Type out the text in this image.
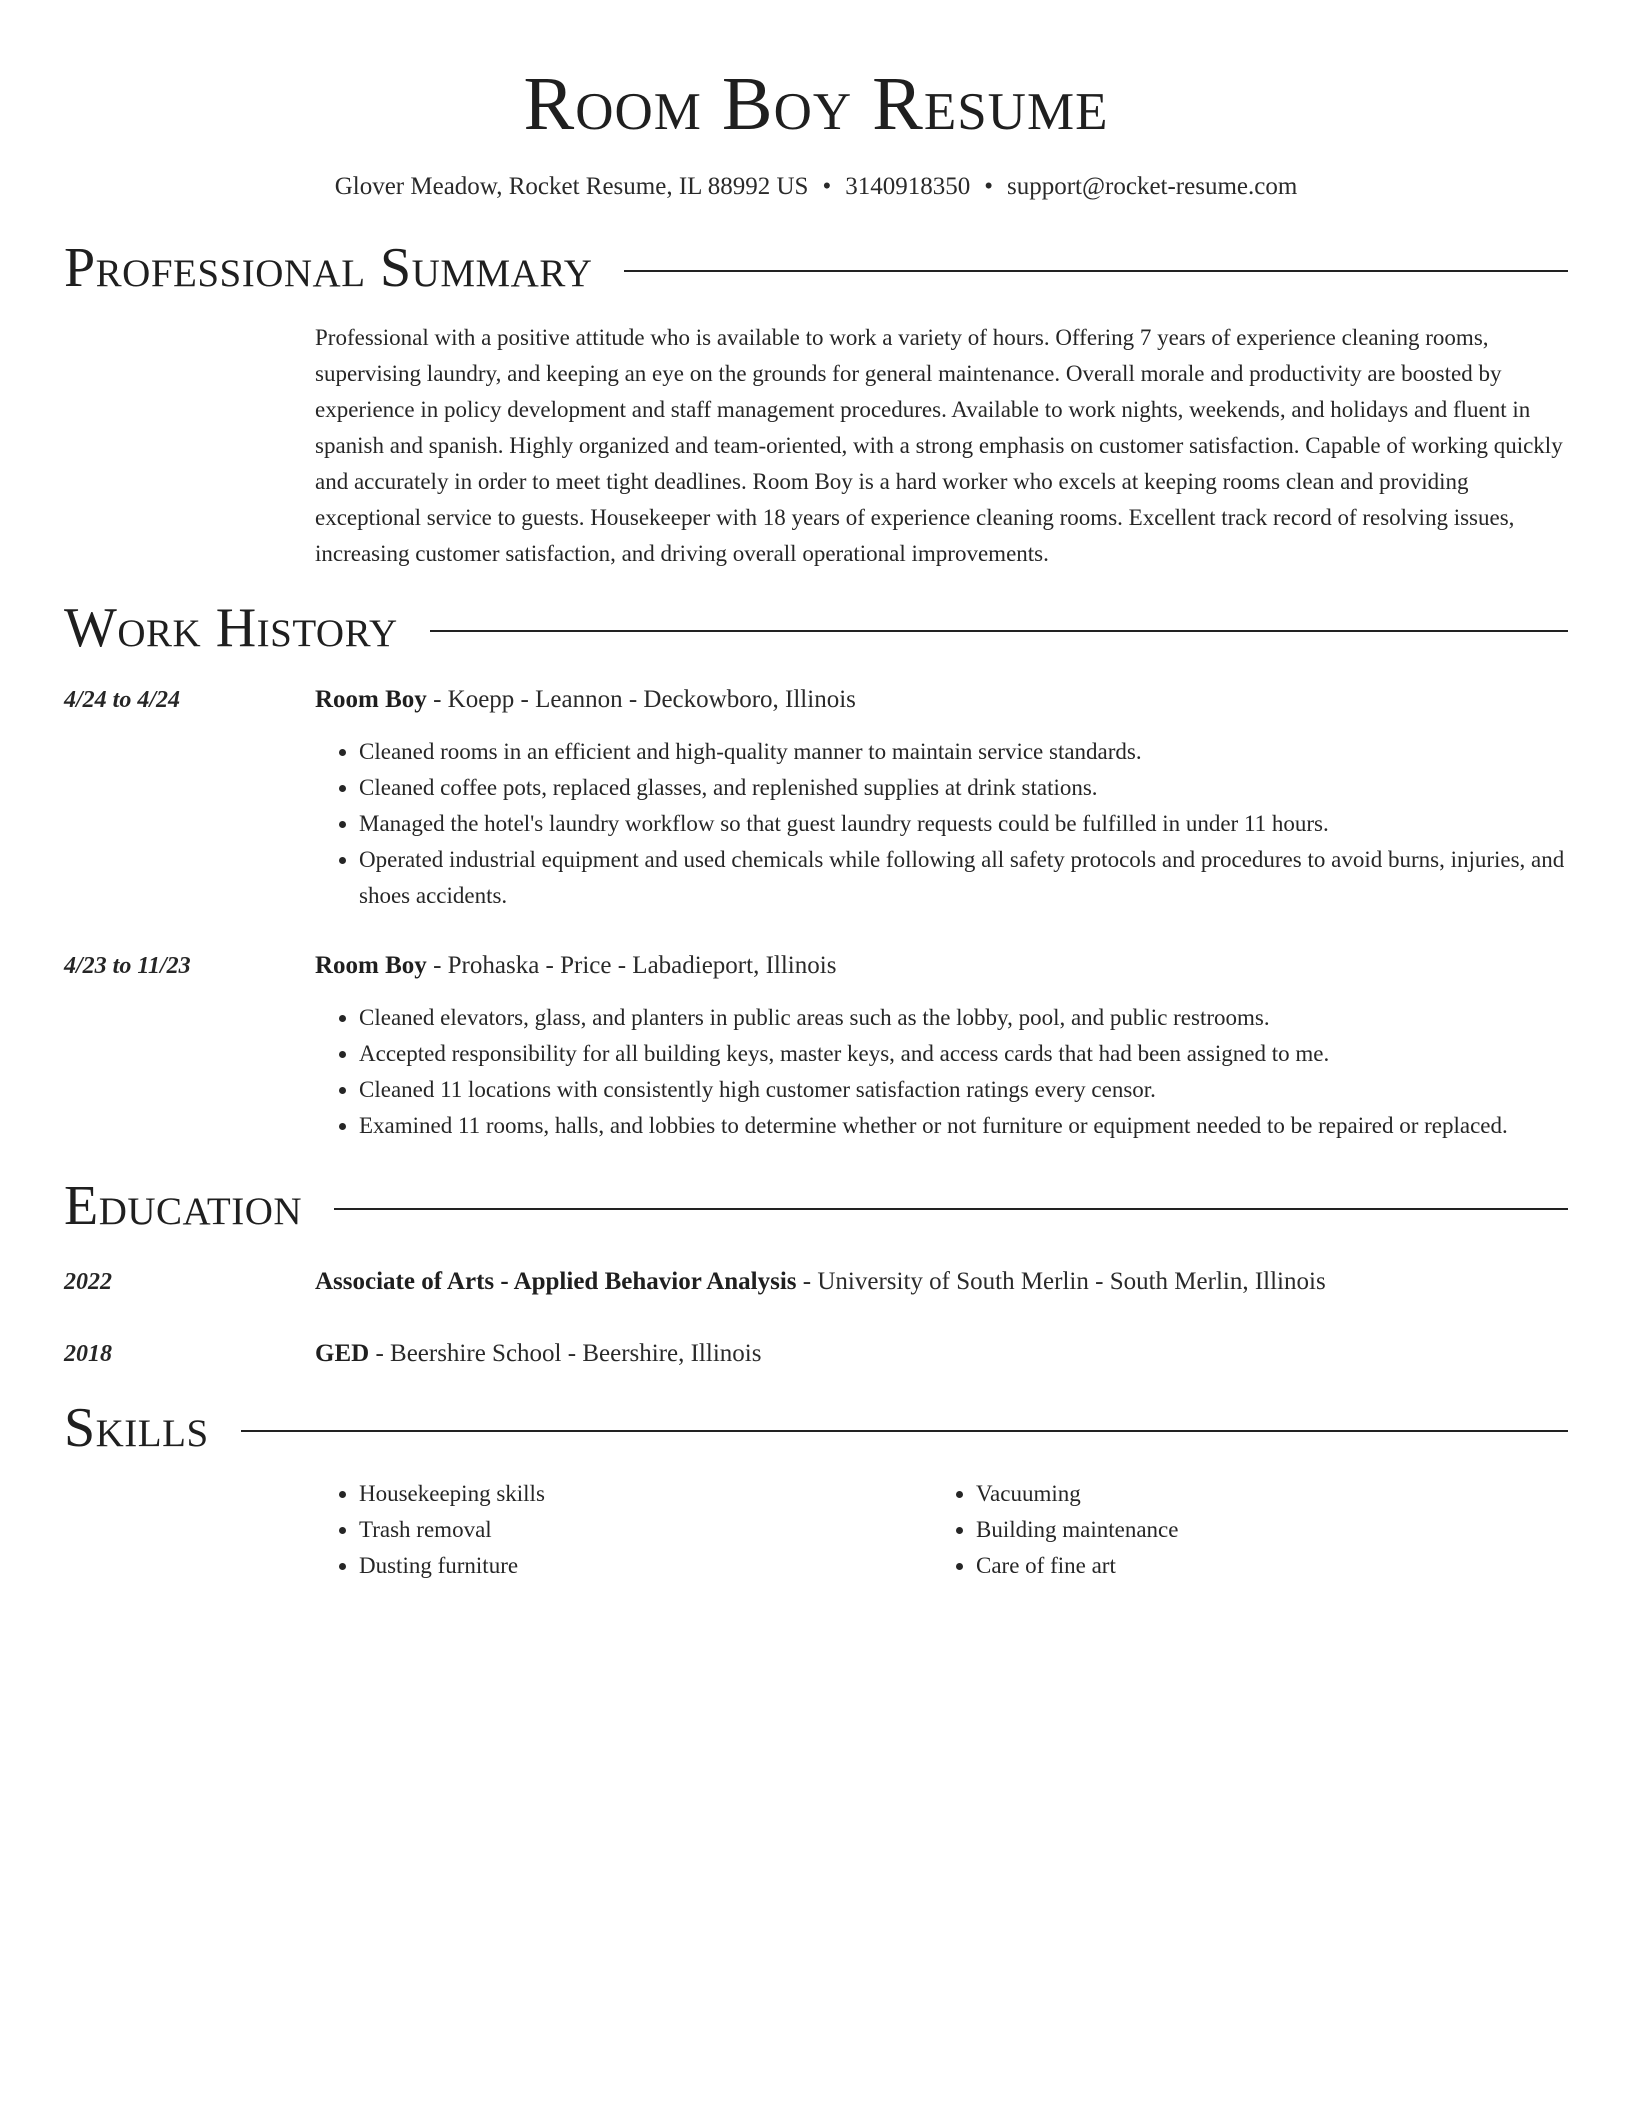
Room Boy Resume
Glover Meadow, Rocket Resume, IL 88992 US • 3140918350 • support@rocket-resume.com
Professional Summary
Professional with a positive attitude who is available to work a variety of hours. Offering 7 years of experience cleaning rooms, supervising laundry, and keeping an eye on the grounds for general maintenance. Overall morale and productivity are boosted by experience in policy development and staff management procedures. Available to work nights, weekends, and holidays and fluent in spanish and spanish. Highly organized and team-oriented, with a strong emphasis on customer satisfaction. Capable of working quickly and accurately in order to meet tight deadlines. Room Boy is a hard worker who excels at keeping rooms clean and providing exceptional service to guests. Housekeeper with 18 years of experience cleaning rooms. Excellent track record of resolving issues, increasing customer satisfaction, and driving overall operational improvements.
Work History
4/24 to 4/24	Room Boy - Koepp - Leannon - Deckowboro, Illinois
• Cleaned rooms in an efficient and high-quality manner to maintain service standards.
• Cleaned coffee pots, replaced glasses, and replenished supplies at drink stations.
• Managed the hotel's laundry workflow so that guest laundry requests could be fulfilled in under 11 hours.
• Operated industrial equipment and used chemicals while following all safety protocols and procedures to avoid burns, injuries, and shoes accidents.
4/23 to 11/23	Room Boy - Prohaska - Price - Labadieport, Illinois
• Cleaned elevators, glass, and planters in public areas such as the lobby, pool, and public restrooms.
• Accepted responsibility for all building keys, master keys, and access cards that had been assigned to me.
• Cleaned 11 locations with consistently high customer satisfaction ratings every censor.
• Examined 11 rooms, halls, and lobbies to determine whether or not furniture or equipment needed to be repaired or replaced.
Education
2022	Associate of Arts - Applied Behavior Analysis - University of South Merlin - South Merlin, Illinois
2018	GED - Beershire School - Beershire, Illinois
Skills
• Housekeeping skills
• Trash removal
• Dusting furniture
• Vacuuming
• Building maintenance
• Care of fine art
